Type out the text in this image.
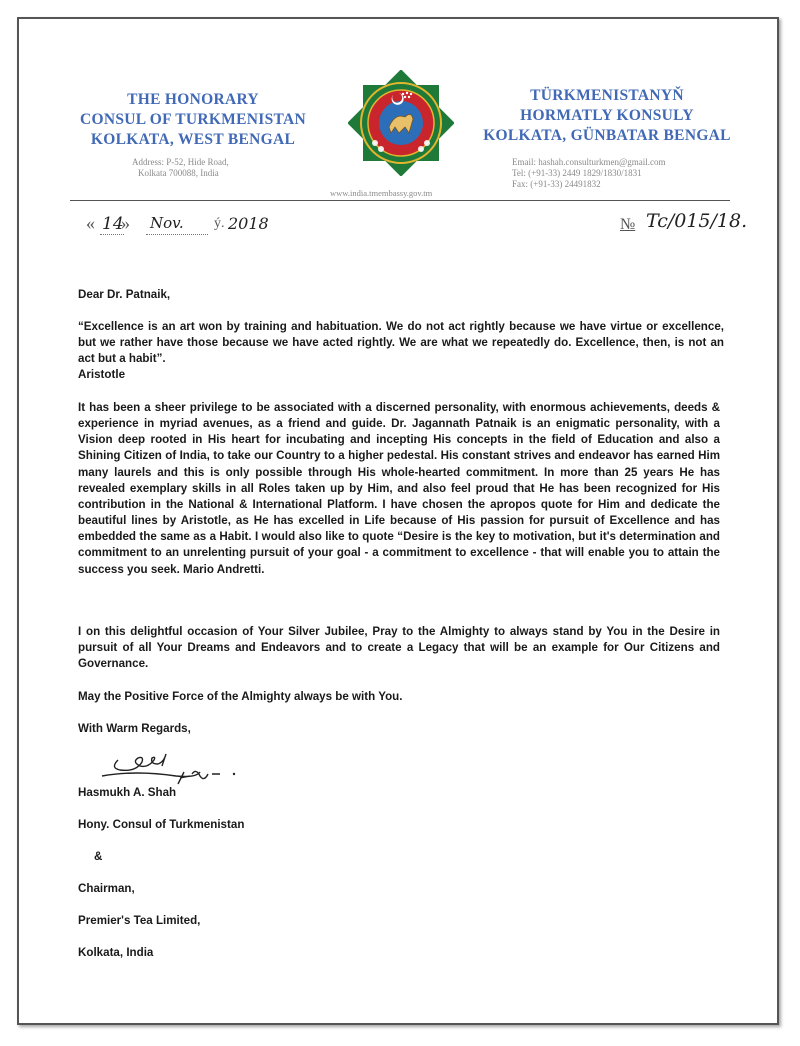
THE HONORARY
CONSUL OF TURKMENISTAN
KOLKATA, WEST BENGAL
TÜRKMENISTANYŇ
HORMATLY KONSULY
KOLKATA, GÜNBATAR BENGAL
Address: P-52, Hide Road,
Kolkata 700088, India
Email: hashah.consulturkmen@gmail.com
Tel: (+91-33) 2449 1829/1830/1831
Fax: (+91-33) 24491832
www.india.tmembassy.gov.tm
« 14
» Nov. ý. 2018	№ Tc/015/18.
Dear Dr. Patnaik,
“Excellence is an art won by training and habituation. We do not act rightly because we have virtue or excellence, but we rather have those because we have acted rightly. We are what we repeatedly do. Excellence, then, is not an act but a habit”.
Aristotle
It has been a sheer privilege to be associated with a discerned personality, with enormous achievements, deeds & experience in myriad avenues, as a friend and guide. Dr. Jagannath Patnaik is an enigmatic personality, with a Vision deep rooted in His heart for incubating and incepting His concepts in the field of Education and also a Shining Citizen of India, to take our Country to a higher pedestal. His constant strives and endeavor has earned Him many laurels and this is only possible through His whole-hearted commitment. In more than 25 years He has revealed exemplary skills in all Roles taken up by Him, and also feel proud that He has been recognized for His contribution in the National & International Platform. I have chosen the apropos quote for Him and dedicate the beautiful lines by Aristotle, as He has excelled in Life because of His passion for pursuit of Excellence and has embedded the same as a Habit. I would also like to quote “Desire is the key to motivation, but it's determination and commitment to an unrelenting pursuit of your goal - a commitment to excellence - that will enable you to attain the success you seek. Mario Andretti.
I on this delightful occasion of Your Silver Jubilee, Pray to the Almighty to always stand by You in the Desire in pursuit of all Your Dreams and Endeavors and to create a Legacy that will be an example for Our Citizens and Governance.
May the Positive Force of the Almighty always be with You.
With Warm Regards,
Hasmukh A. Shah
Hony. Consul of Turkmenistan
&
Chairman,
Premier's Tea Limited,
Kolkata, India
